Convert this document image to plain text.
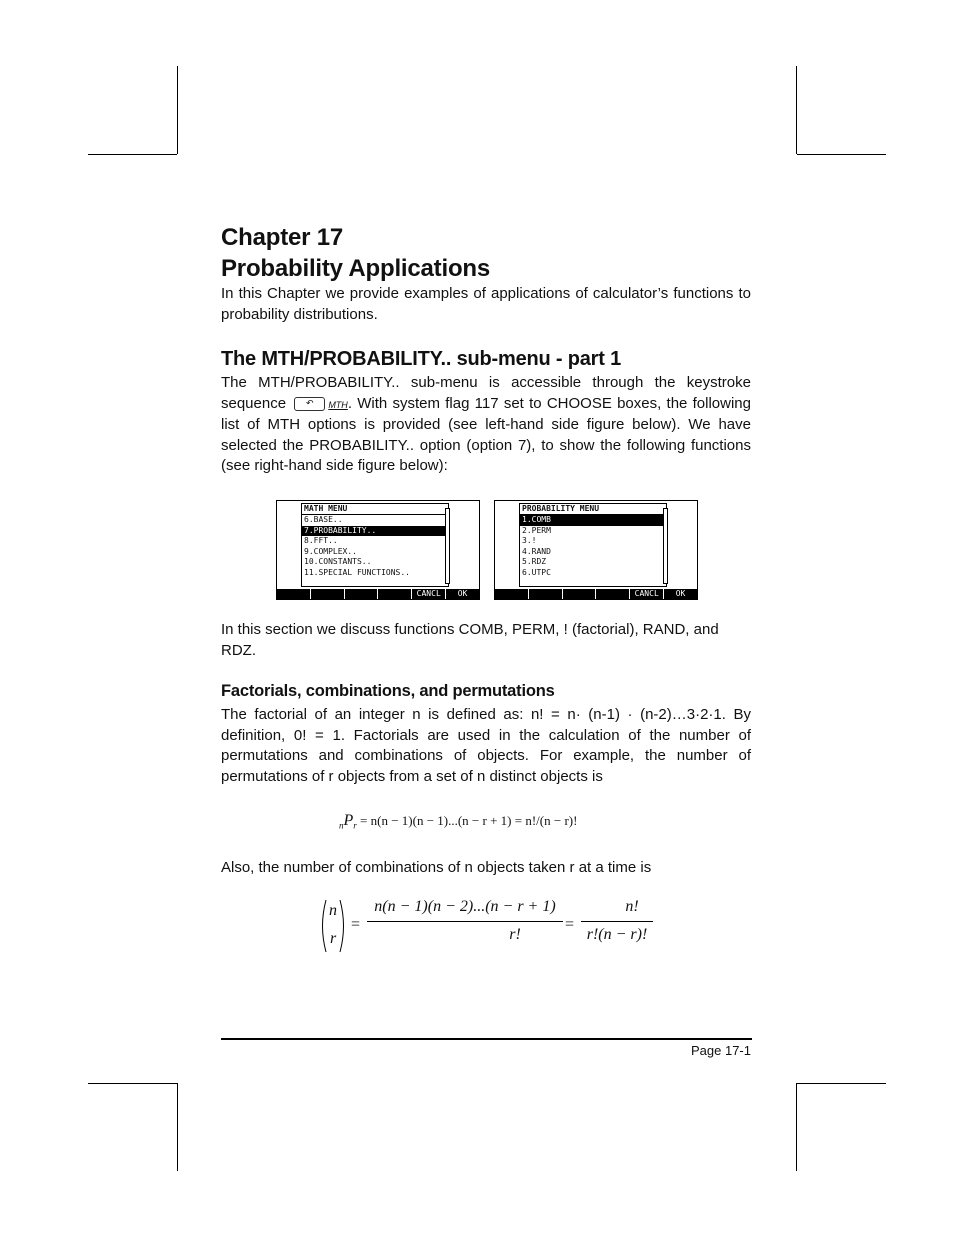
Chapter 17
Probability Applications

In this Chapter we provide examples of applications of calculator’s functions to probability distributions.

The MTH/PROBABILITY.. sub-menu - part 1

The MTH/PROBABILITY.. sub-menu is accessible through the keystroke sequence ↶ MTH. With system flag 117 set to CHOOSE boxes, the following list of MTH options is provided (see left-hand side figure below). We have selected the PROBABILITY.. option (option 7), to show the following functions (see right-hand side figure below):

MATH MENU
6.BASE..
7.PROBABILITY..
8.FFT..
9.COMPLEX..
10.CONSTANTS..
11.SPECIAL FUNCTIONS..
CANCL	OK
PROBABILITY MENU
1.COMB
2.PERM
3.!
4.RAND
5.RDZ
6.UTPC
CANCL	OK

In this section we discuss functions COMB, PERM, ! (factorial), RAND, and RDZ.

Factorials, combinations, and permutations

The factorial of an integer n is defined as: n! = n· (n-1) · (n-2)…3·2·1. By definition, 0! = 1. Factorials are used in the calculation of the number of permutations and combinations of objects. For example, the number of permutations of r objects from a set of n distinct objects is

$_nP_r = n(n - 1)(n - 1)...(n - r + 1) = n!/(n - r)$!

Also, the number of combinations of n objects taken r at a time is

n
r
=
n(n − 1)(n − 2)...(n − r + 1)
r!
=
n!
r!(n − r)!
Page 17-1
